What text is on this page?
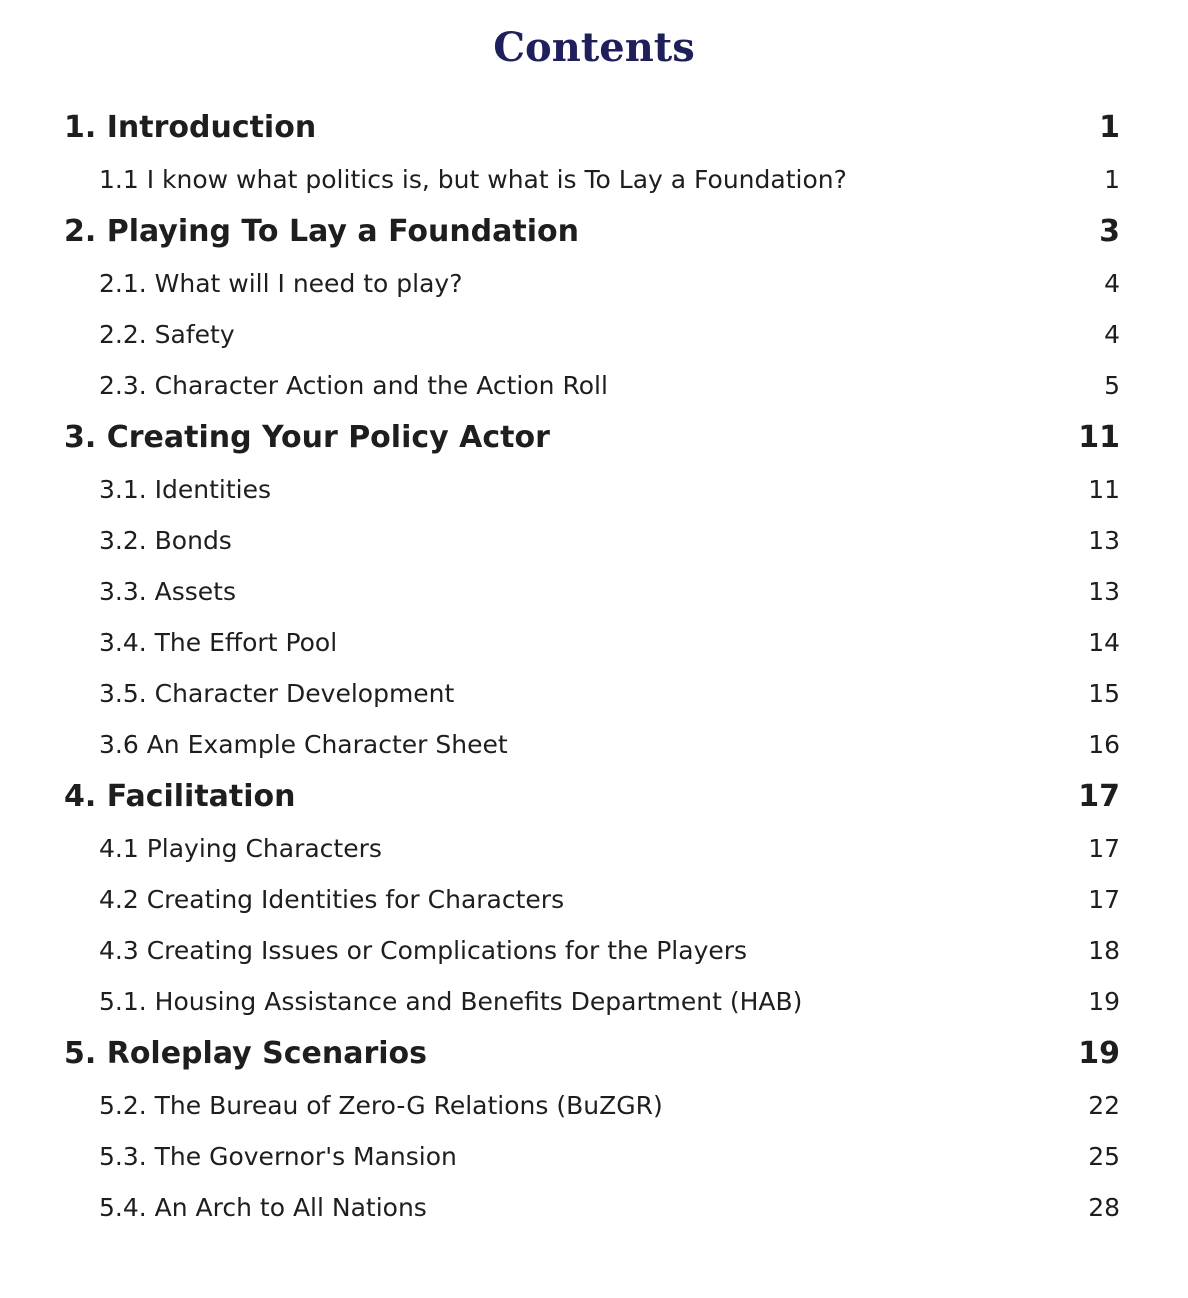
Contents
1. Introduction	1
1.1 I know what politics is, but what is To Lay a Foundation?	1
2. Playing To Lay a Foundation	3
2.1. What will I need to play?	4
2.2. Safety	4
2.3. Character Action and the Action Roll	5
3. Creating Your Policy Actor	11
3.1. Identities	11
3.2. Bonds	13
3.3. Assets	13
3.4. The Effort Pool	14
3.5. Character Development	15
3.6 An Example Character Sheet	16
4. Facilitation	17
4.1 Playing Characters	17
4.2 Creating Identities for Characters	17
4.3 Creating Issues or Complications for the Players	18
5.1. Housing Assistance and Benefits Department (HAB)	19
5. Roleplay Scenarios	19
5.2. The Bureau of Zero-G Relations (BuZGR)	22
5.3. The Governor's Mansion	25
5.4. An Arch to All Nations	28
